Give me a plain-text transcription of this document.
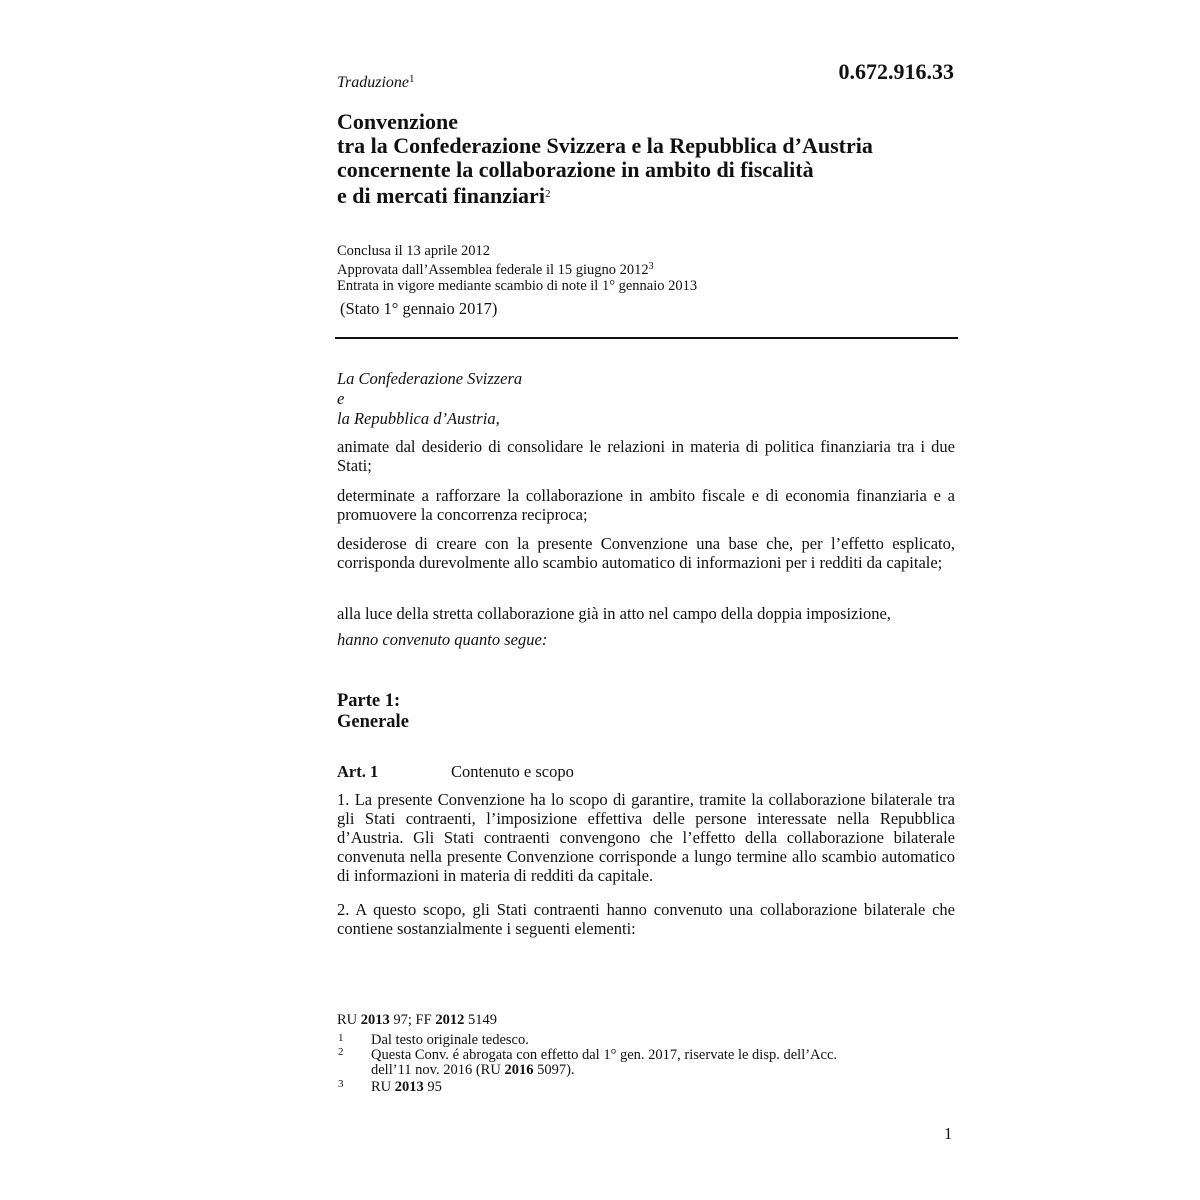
Traduzione$^1$	0.672.916.33
Convenzione
tra la Confederazione Svizzera e la Repubblica d’Austria
concernente la collaborazione in ambito di fiscalità
e di mercati finanziari$^2$
Conclusa il 13 aprile 2012
Approvata dall’Assemblea federale il 15 giugno 2012$^3$
Entrata in vigore mediante scambio di note il 1° gennaio 2013
(Stato 1° gennaio 2017)
La Confederazione Svizzera
e
la Repubblica d’Austria,
animate dal desiderio di consolidare le relazioni in materia di politica finanziaria tra i due Stati;
determinate a rafforzare la collaborazione in ambito fiscale e di economia finanziaria e a promuovere la concorrenza reciproca;
desiderose di creare con la presente Convenzione una base che, per l’effetto esplicato, corrisponda durevolmente allo scambio automatico di informazioni per i redditi da capitale;
alla luce della stretta collaborazione già in atto nel campo della doppia imposizione,
hanno convenuto quanto segue:
Parte 1:
Generale
Art. 1	Contenuto e scopo
1. La presente Convenzione ha lo scopo di garantire, tramite la collaborazione bilaterale tra gli Stati contraenti, l’imposizione effettiva delle persone interessate nella Repubblica d’Austria. Gli Stati contraenti convengono che l’effetto della collaborazione bilaterale convenuta nella presente Convenzione corrisponde a lungo termine allo scambio automatico di informazioni in materia di redditi da capitale.
2. A questo scopo, gli Stati contraenti hanno convenuto una collaborazione bilaterale che contiene sostanzialmente i seguenti elementi:
RU 2013 97; FF 2012 5149
1 Dal testo originale tedesco.
2 Questa Conv. é abrogata con effetto dal 1° gen. 2017, riservate le disp. dell’Acc.
dell’11 nov. 2016 (RU 2016 5097).
3 RU 2013 95
1
